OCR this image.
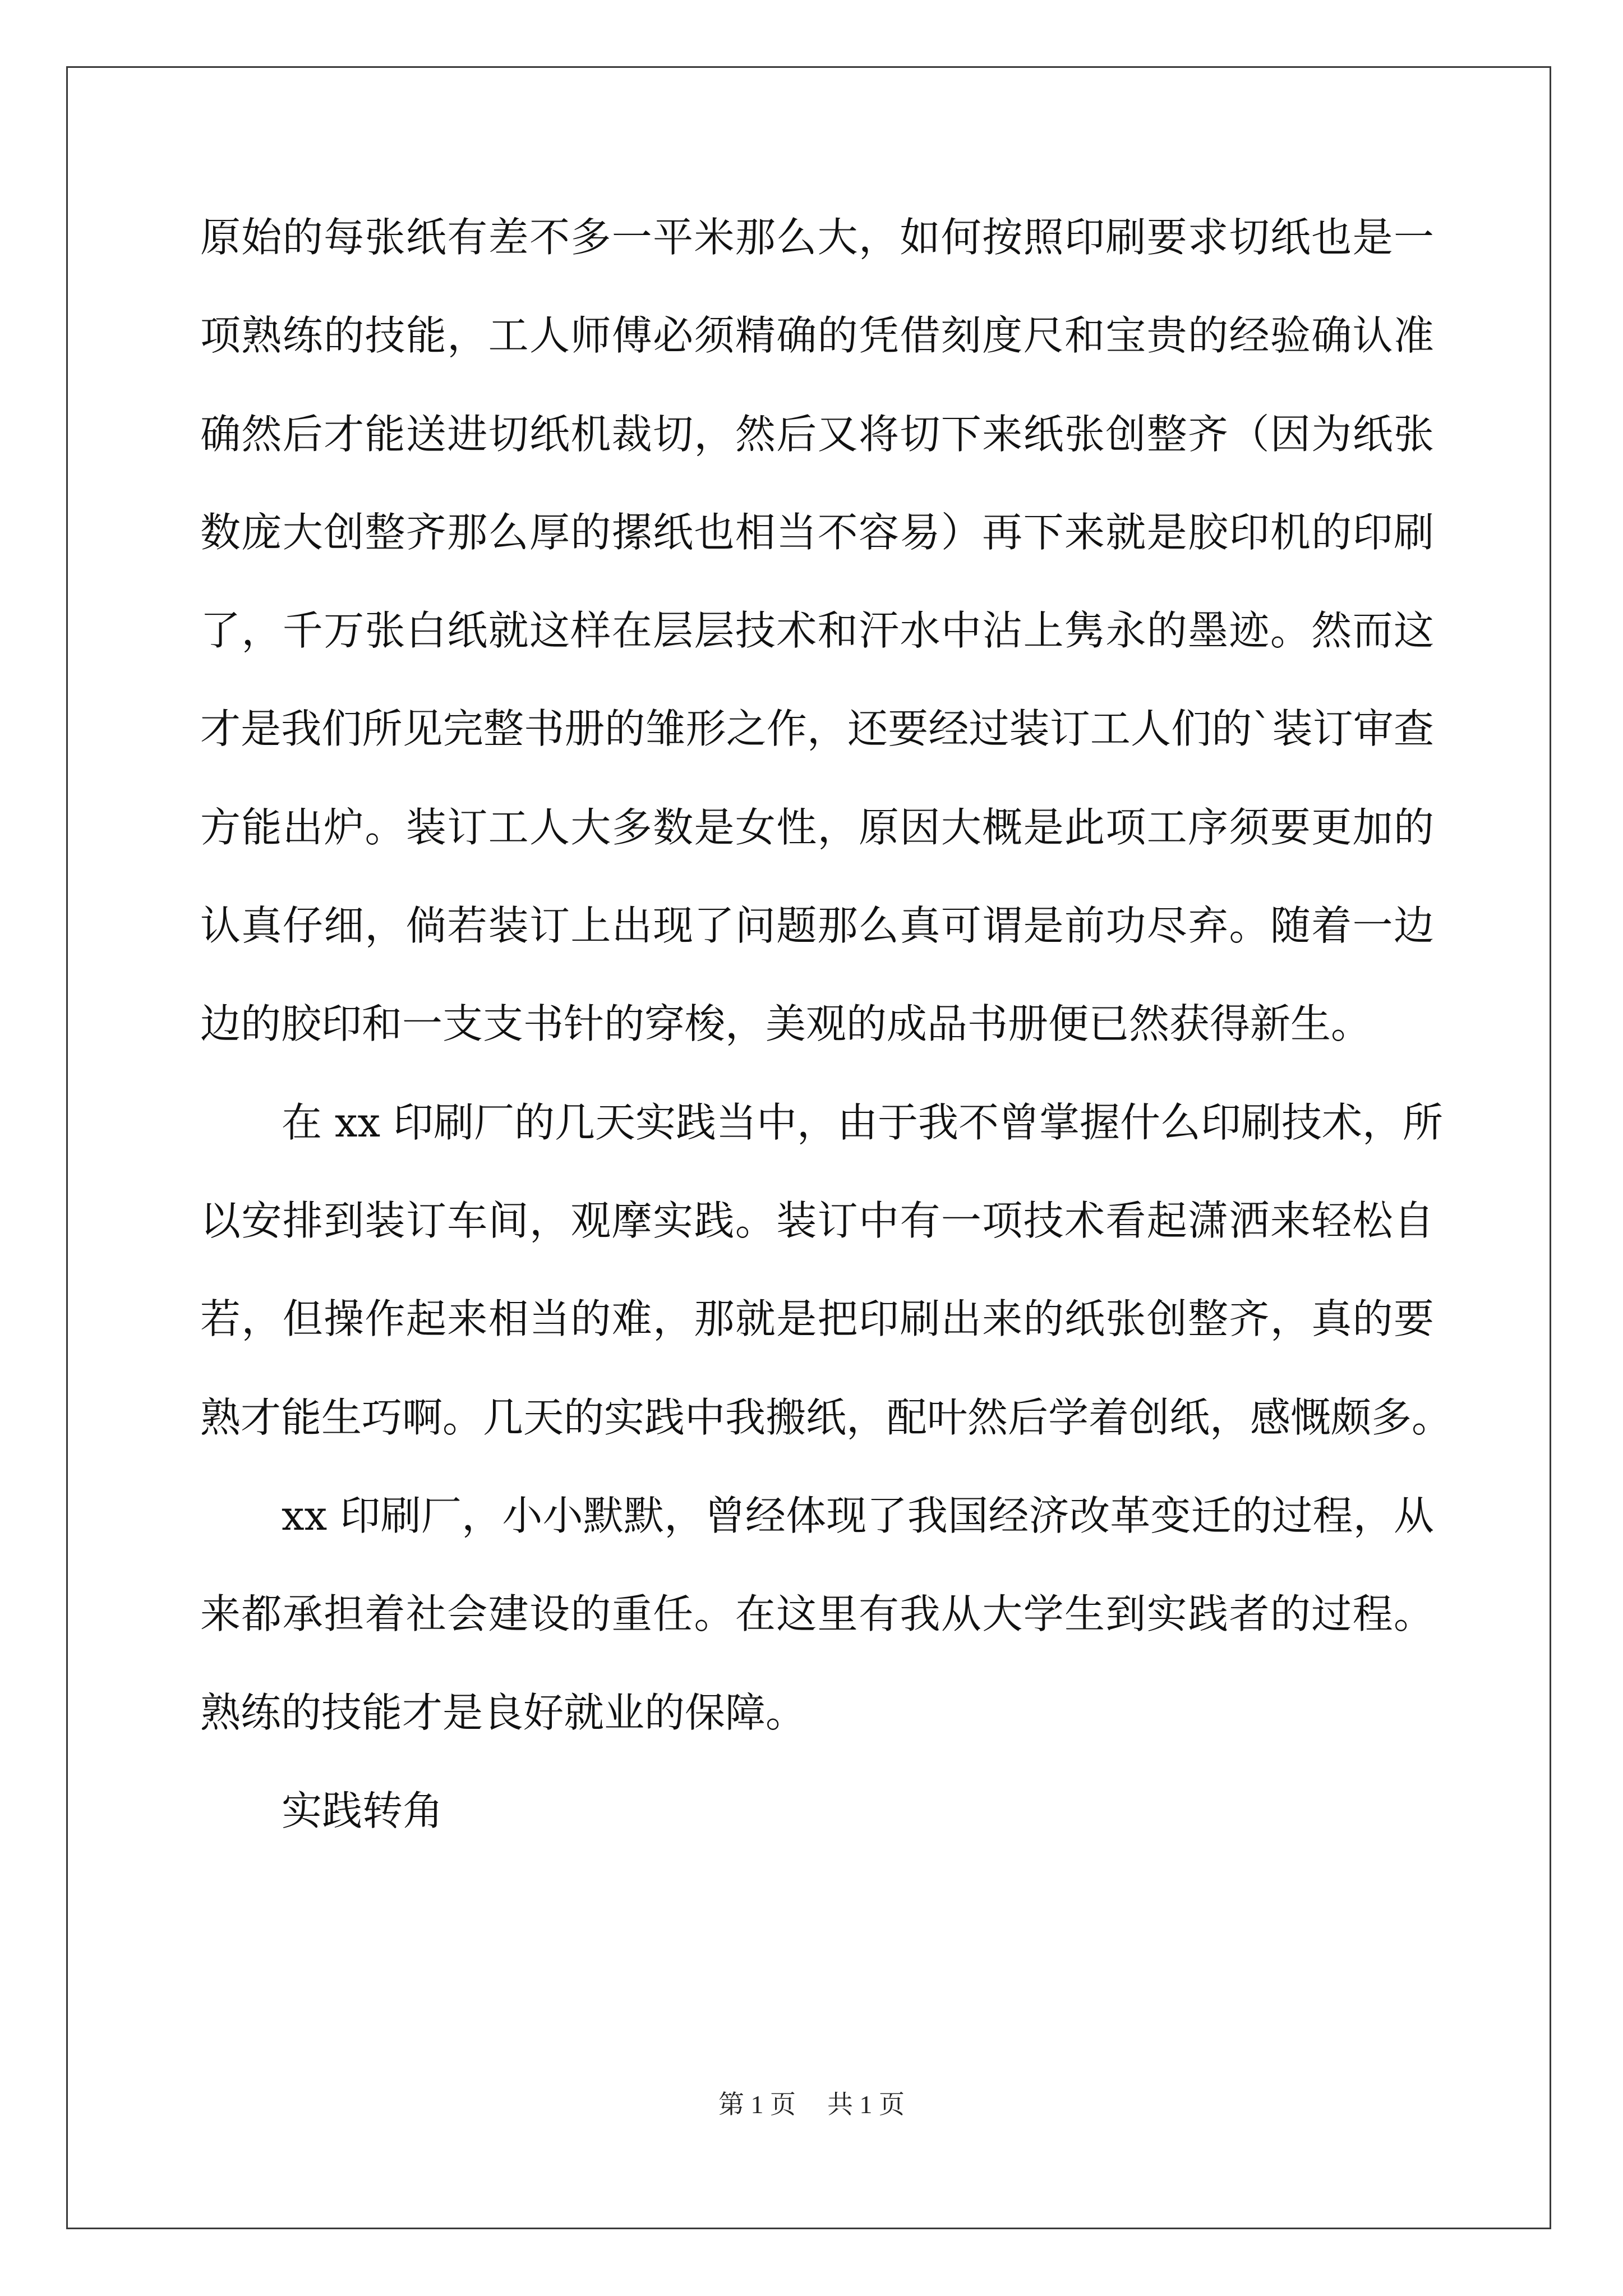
原始的每张纸有差不多一平米那么大，如何按照印刷要求切纸也是一
项熟练的技能，工人师傅必须精确的凭借刻度尺和宝贵的经验确认准
确然后才能送进切纸机裁切，然后又将切下来纸张创整齐（因为纸张
数庞大创整齐那么厚的摞纸也相当不容易）再下来就是胶印机的印刷
了，千万张白纸就这样在层层技术和汗水中沾上隽永的墨迹。然而这
才是我们所见完整书册的雏形之作，还要经过装订工人们的`装订审查
方能出炉。装订工人大多数是女性，原因大概是此项工序须要更加的
认真仔细，倘若装订上出现了问题那么真可谓是前功尽弃。随着一边
边的胶印和一支支书针的穿梭，美观的成品书册便已然获得新生。
在 xx 印刷厂的几天实践当中，由于我不曾掌握什么印刷技术，所
以安排到装订车间，观摩实践。装订中有一项技术看起潇洒来轻松自
若，但操作起来相当的难，那就是把印刷出来的纸张创整齐，真的要
熟才能生巧啊。几天的实践中我搬纸，配叶然后学着创纸，感慨颇多。
xx 印刷厂，小小默默，曾经体现了我国经济改革变迁的过程，从
来都承担着社会建设的重任。在这里有我从大学生到实践者的过程。
熟练的技能才是良好就业的保障。
实践转角
第 1 页 共 1 页
